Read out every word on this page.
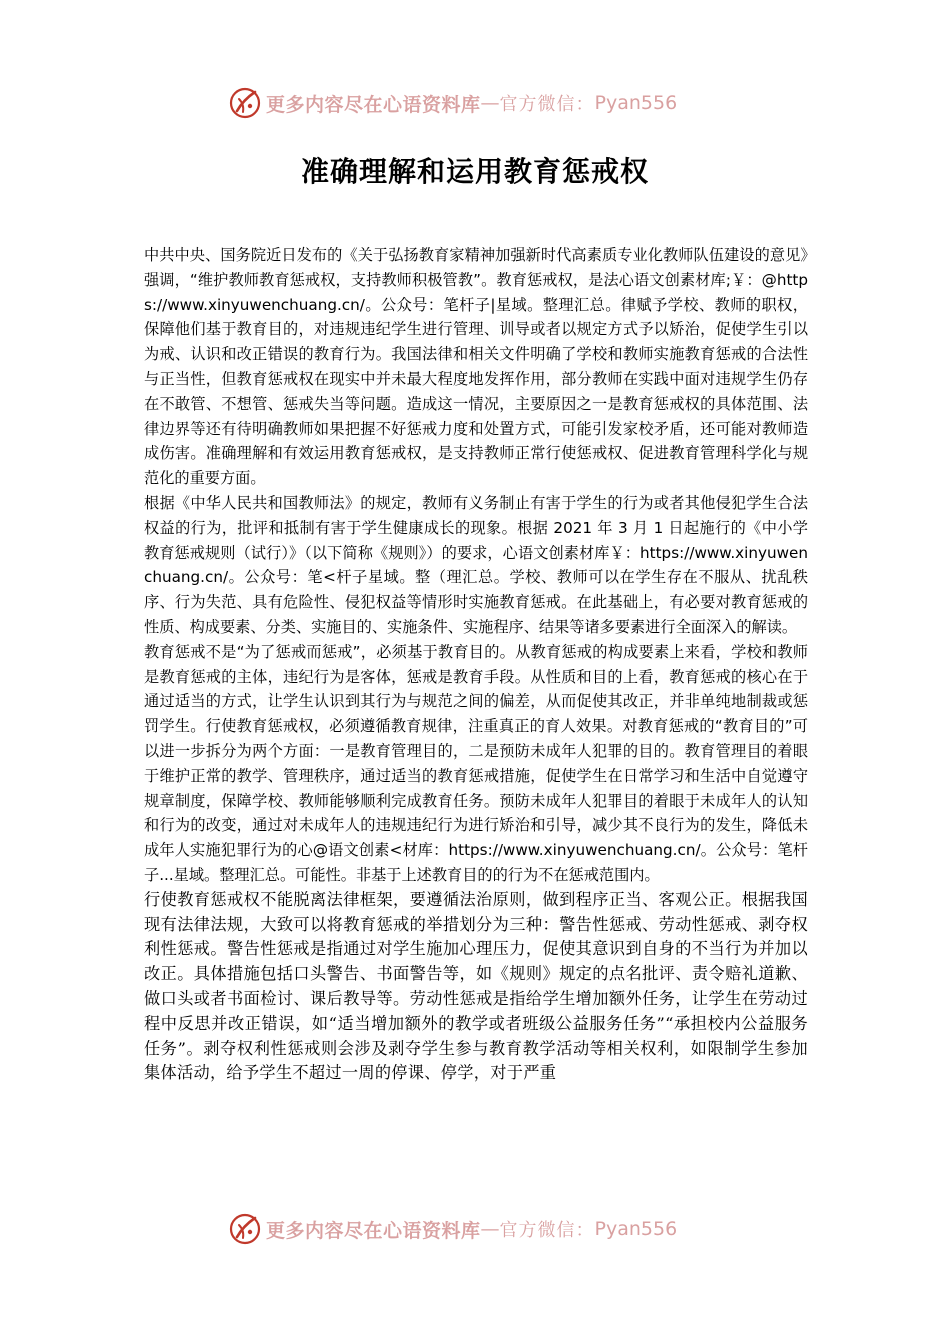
更多内容尽在心语资料库 — 官方微信： Pyan556
准确理解和运用教育惩戒权

中共中央、国务院近日发布的《关于弘扬教育家精神加强新时代高素质专业化教师队伍建设的意见》强调，“维护教师教育惩戒权，支持教师积极管教”。教育惩戒权，是法心语文创素材库;￥：@https://www.xinyuwenchuang.cn/。公众号：笔杆子|星域。整理汇总。律赋予学校、教师的职权，保障他们基于教育目的，对违规违纪学生进行管理、训导或者以规定方式予以矫治，促使学生引以为戒、认识和改正错误的教育行为。我国法律和相关文件明确了学校和教师实施教育惩戒的合法性与正当性，但教育惩戒权在现实中并未最大程度地发挥作用，部分教师在实践中面对违规学生仍存在不敢管、不想管、惩戒失当等问题。造成这一情况，主要原因之一是教育惩戒权的具体范围、法律边界等还有待明确教师如果把握不好惩戒力度和处置方式，可能引发家校矛盾，还可能对教师造成伤害。准确理解和有效运用教育惩戒权，是支持教师正常行使惩戒权、促进教育管理科学化与规范化的重要方面。

根据《中华人民共和国教师法》的规定，教师有义务制止有害于学生的行为或者其他侵犯学生合法权益的行为，批评和抵制有害于学生健康成长的现象。根据 2021 年 3 月 1 日起施行的《中小学教育惩戒规则（试行）》（以下简称《规则》）的要求，心语文创素材库￥：https://www.xinyuwenchuang.cn/。公众号：笔<杆子星域。整（理汇总。学校、教师可以在学生存在不服从、扰乱秩序、行为失范、具有危险性、侵犯权益等情形时实施教育惩戒。在此基础上，有必要对教育惩戒的性质、构成要素、分类、实施目的、实施条件、实施程序、结果等诸多要素进行全面深入的解读。

教育惩戒不是“为了惩戒而惩戒”，必须基于教育目的。从教育惩戒的构成要素上来看，学校和教师是教育惩戒的主体，违纪行为是客体，惩戒是教育手段。从性质和目的上看，教育惩戒的核心在于通过适当的方式，让学生认识到其行为与规范之间的偏差，从而促使其改正，并非单纯地制裁或惩罚学生。行使教育惩戒权，必须遵循教育规律，注重真正的育人效果。对教育惩戒的“教育目的”可以进一步拆分为两个方面：一是教育管理目的，二是预防未成年人犯罪的目的。教育管理目的着眼于维护正常的教学、管理秩序，通过适当的教育惩戒措施，促使学生在日常学习和生活中自觉遵守规章制度，保障学校、教师能够顺利完成教育任务。预防未成年人犯罪目的着眼于未成年人的认知和行为的改变，通过对未成年人的违规违纪行为进行矫治和引导，减少其不良行为的发生，降低未成年人实施犯罪行为的心@语文创素<材库：https://www.xinyuwenchuang.cn/。公众号：笔杆子...星域。整理汇总。可能性。非基于上述教育目的的行为不在惩戒范围内。

行使教育惩戒权不能脱离法律框架，要遵循法治原则，做到程序正当、客观公正。根据我国现有法律法规，大致可以将教育惩戒的举措划分为三种：警告性惩戒、劳动性惩戒、剥夺权利性惩戒。警告性惩戒是指通过对学生施加心理压力，促使其意识到自身的不当行为并加以改正。具体措施包括口头警告、书面警告等，如《规则》规定的点名批评、责令赔礼道歉、做口头或者书面检讨、课后教导等。劳动性惩戒是指给学生增加额外任务，让学生在劳动过程中反思并改正错误，如“适当增加额外的教学或者班级公益服务任务”“承担校内公益服务任务”。剥夺权利性惩戒则会涉及剥夺学生参与教育教学活动等相关权利，如限制学生参加集体活动，给予学生不超过一周的停课、停学，对于严重

更多内容尽在心语资料库 — 官方微信： Pyan556
